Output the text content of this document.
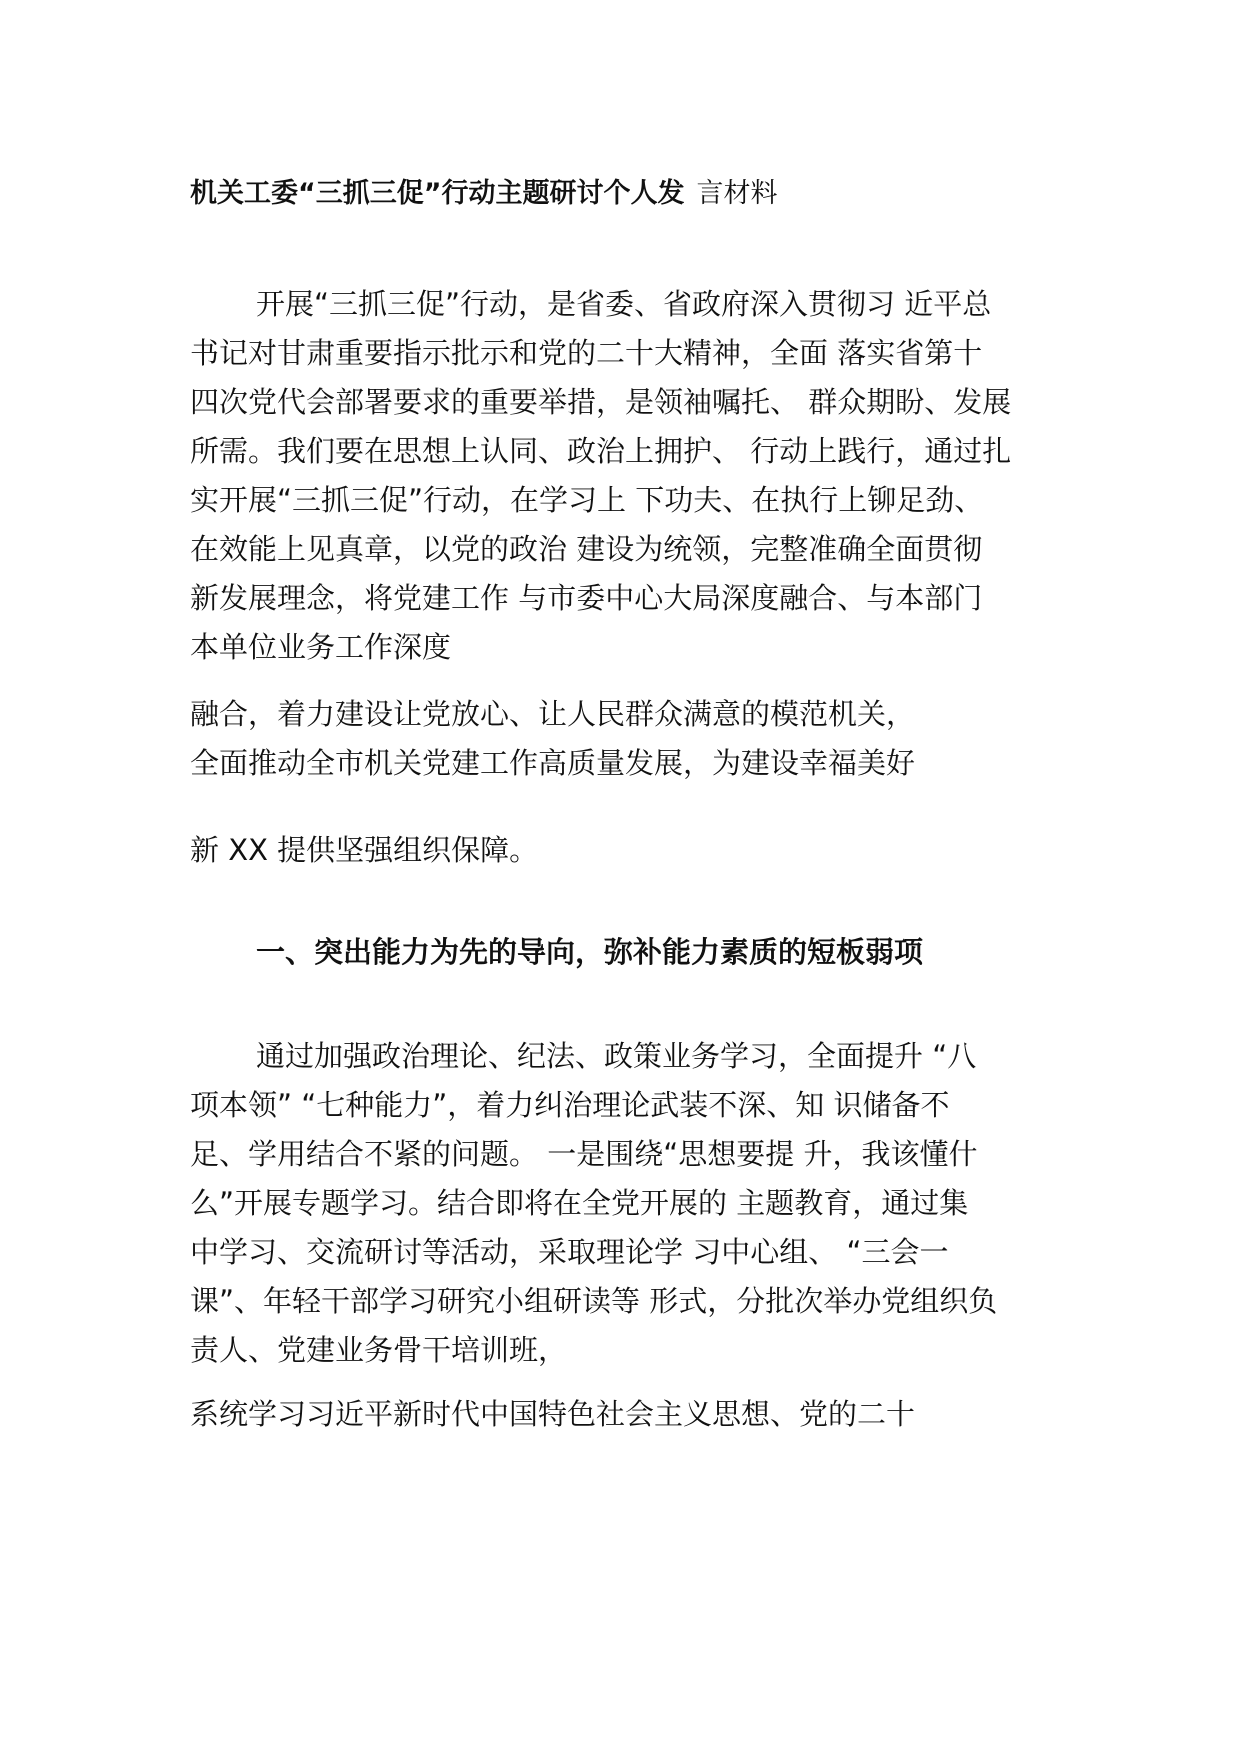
机关工委“三抓三促”行动主题研讨个人发 言材料
开展“三抓三促”行动，是省委、省政府深入贯彻习 近平总
书记对甘肃重要指示批示和党的二十大精神，全面 落实省第十
四次党代会部署要求的重要举措，是领袖嘱托、 群众期盼、发展
所需。我们要在思想上认同、政治上拥护、 行动上践行，通过扎
实开展“三抓三促”行动，在学习上 下功夫、在执行上铆足劲、
在效能上见真章，以党的政治 建设为统领，完整准确全面贯彻
新发展理念，将党建工作 与市委中心大局深度融合、与本部门
本单位业务工作深度
融合，着力建设让党放心、让人民群众满意的模范机关，
全面推动全市机关党建工作高质量发展，为建设幸福美好
新 XX 提供坚强组织保障。
一、突出能力为先的导向，弥补能力素质的短板弱项
通过加强政治理论、纪法、政策业务学习，全面提升 “八
项本领” “七种能力”，着力纠治理论武装不深、知 识储备不
足、学用结合不紧的问题。 一是围绕“思想要提 升，我该懂什
么”开展专题学习。结合即将在全党开展的 主题教育，通过集
中学习、交流研讨等活动，采取理论学 习中心组、 “三会一
课”、年轻干部学习研究小组研读等 形式，分批次举办党组织负
责人、党建业务骨干培训班，
系统学习习近平新时代中国特色社会主义思想、党的二十
